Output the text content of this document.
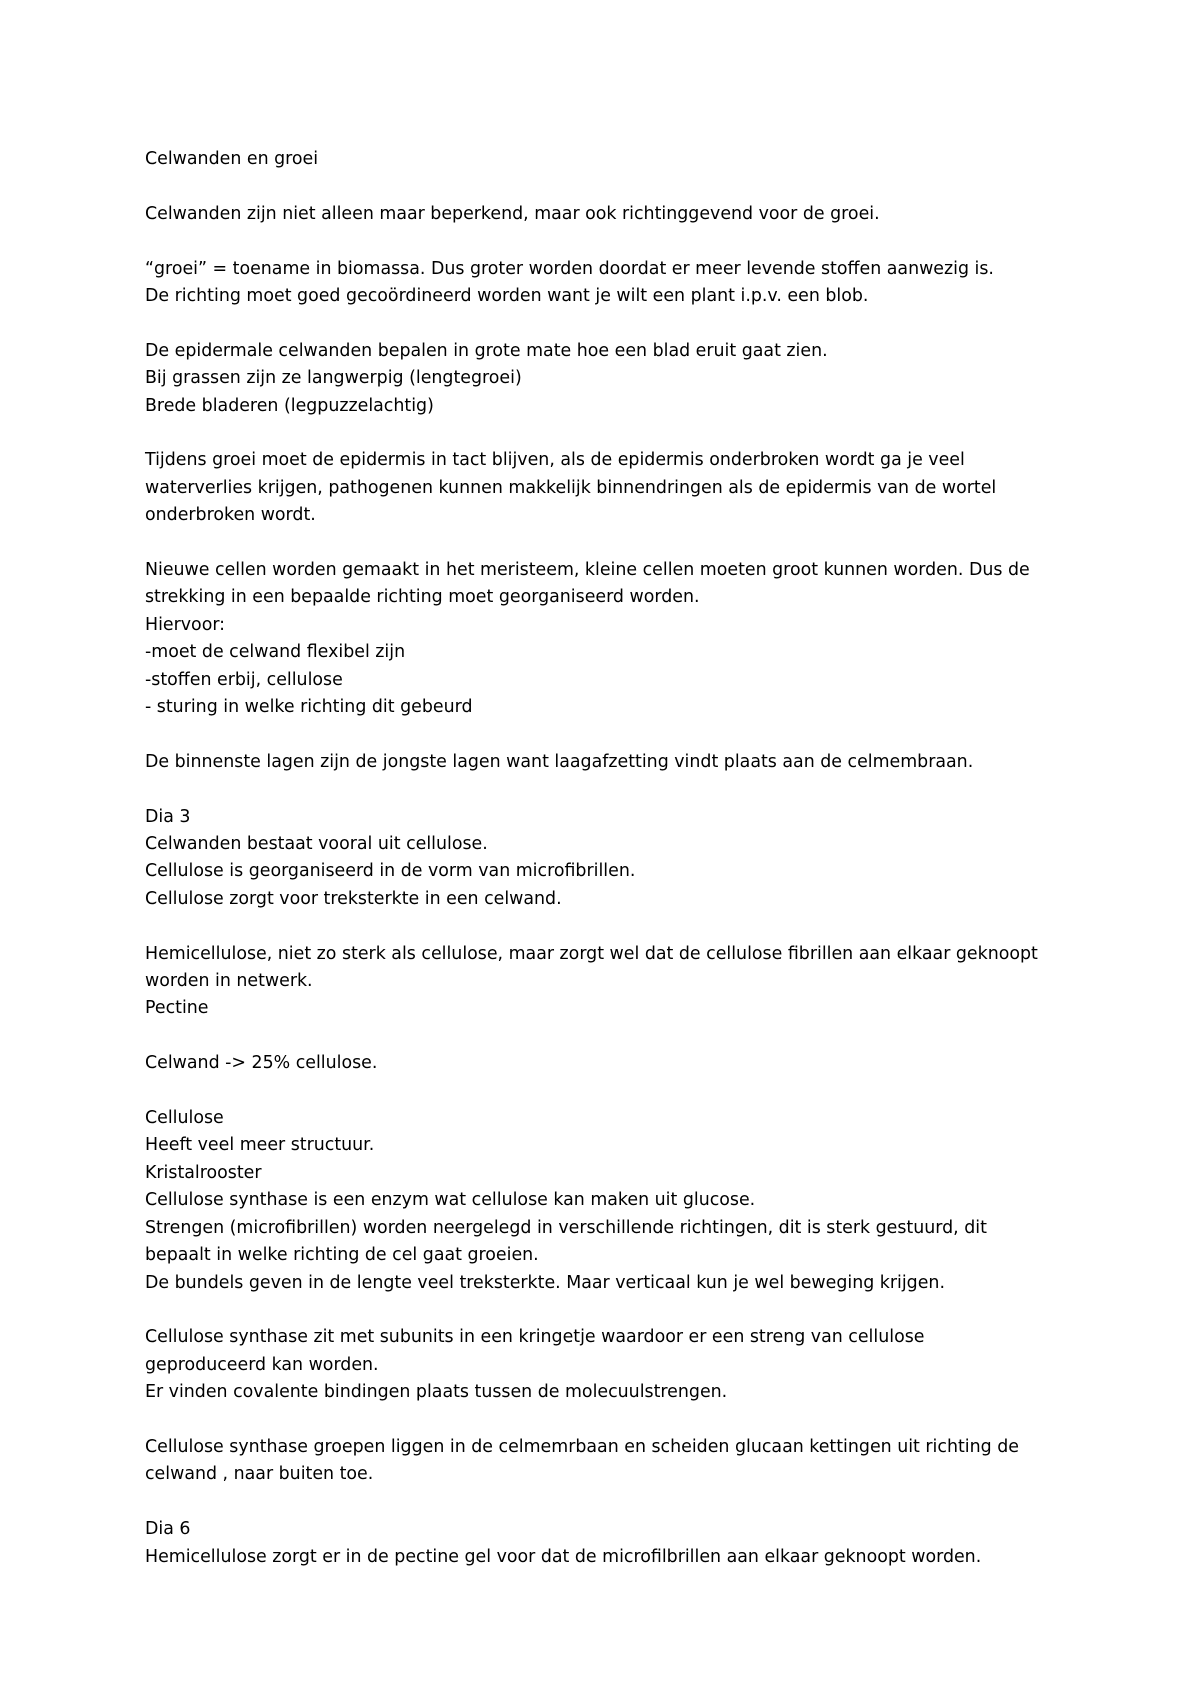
Celwanden en groei

Celwanden zijn niet alleen maar beperkend, maar ook richtinggevend voor de groei.

“groei” = toename in biomassa. Dus groter worden doordat er meer levende stoffen aanwezig is.

De richting moet goed gecoördineerd worden want je wilt een plant i.p.v. een blob.

De epidermale celwanden bepalen in grote mate hoe een blad eruit gaat zien.

Bij grassen zijn ze langwerpig (lengtegroei)

Brede bladeren (legpuzzelachtig)

Tijdens groei moet de epidermis in tact blijven, als de epidermis onderbroken wordt ga je veel

waterverlies krijgen, pathogenen kunnen makkelijk binnendringen als de epidermis van de wortel

onderbroken wordt.

Nieuwe cellen worden gemaakt in het meristeem, kleine cellen moeten groot kunnen worden. Dus de

strekking in een bepaalde richting moet georganiseerd worden.

Hiervoor:

-moet de celwand flexibel zijn

-stoffen erbij, cellulose

- sturing in welke richting dit gebeurd

De binnenste lagen zijn de jongste lagen want laagafzetting vindt plaats aan de celmembraan.

Dia 3

Celwanden bestaat vooral uit cellulose.

Cellulose is georganiseerd in de vorm van microfibrillen.

Cellulose zorgt voor treksterkte in een celwand.

Hemicellulose, niet zo sterk als cellulose, maar zorgt wel dat de cellulose fibrillen aan elkaar geknoopt

worden in netwerk.

Pectine

Celwand -> 25% cellulose.

Cellulose

Heeft veel meer structuur.

Kristalrooster

Cellulose synthase is een enzym wat cellulose kan maken uit glucose.

Strengen (microfibrillen) worden neergelegd in verschillende richtingen, dit is sterk gestuurd, dit

bepaalt in welke richting de cel gaat groeien.

De bundels geven in de lengte veel treksterkte. Maar verticaal kun je wel beweging krijgen.

Cellulose synthase zit met subunits in een kringetje waardoor er een streng van cellulose

geproduceerd kan worden.

Er vinden covalente bindingen plaats tussen de molecuulstrengen.

Cellulose synthase groepen liggen in de celmemrbaan en scheiden glucaan kettingen uit richting de

celwand , naar buiten toe.

Dia 6

Hemicellulose zorgt er in de pectine gel voor dat de microfilbrillen aan elkaar geknoopt worden.
